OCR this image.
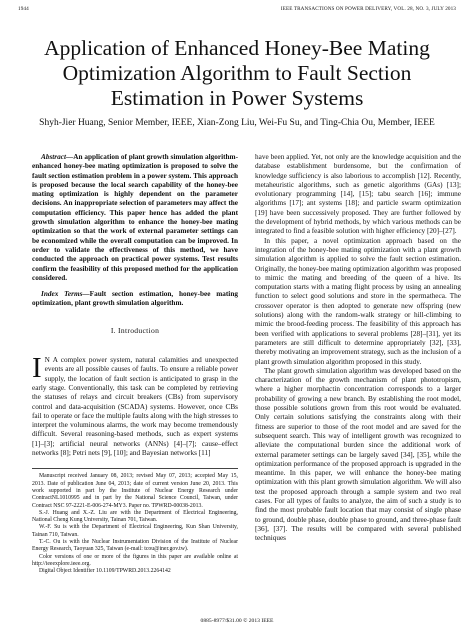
1944	IEEE TRANSACTIONS ON POWER DELIVERY, VOL. 28, NO. 3, JULY 2013
Application of Enhanced Honey-Bee Mating Optimization Algorithm to Fault Section Estimation in Power Systems
Shyh-Jier Huang, Senior Member, IEEE, Xian-Zong Liu, Wei-Fu Su, and Ting-Chia Ou, Member, IEEE

Abstract—An application of plant growth simulation algorithm-enhanced honey-bee mating optimization is proposed to solve the fault section estimation problem in a power system. This approach is proposed because the local search capability of the honey-bee mating optimization is highly dependent on the parameter decisions. An inappropriate selection of parameters may affect the computation efficiency. This paper hence has added the plant growth simulation algorithm to enhance the honey-bee mating optimization so that the work of external parameter settings can be economized while the overall computation can be improved. In order to validate the effectiveness of this method, we have conducted the approach on practical power systems. Test results confirm the feasibility of this proposed method for the application considered.

Index Terms—Fault section estimation, honey-bee mating optimization, plant growth simulation algorithm.

I. Introduction

I N A complex power system, natural calamities and unexpected events are all possible causes of faults. To ensure a reliable power supply, the location of fault section is anticipated to grasp in the early stage. Conventionally, this task can be completed by retrieving the statuses of relays and circuit breakers (CBs) from supervisory control and data-acquisition (SCADA) systems. However, once CBs fail to operate or face the multiple faults along with the high stresses to interpret the voluminous alarms, the work may become tremendously difficult. Several reasoning-based methods, such as expert systems [1]–[3]; artificial neural networks (ANNs) [4]–[7]; cause–effect networks [8]; Petri nets [9], [10]; and Bayesian networks [11]

Manuscript received January 08, 2013; revised May 07, 2013; accepted May 15, 2013. Date of publication June 04, 2013; date of current version June 20, 2013. This work supported in part by the Institute of Nuclear Energy Research under ContractNL1010995 and in part by the National Science Council, Taiwan, under Contract NSC 97-2221-E-006-274-MY3. Paper no. TPWRD-00038-2013.

S.-J. Huang and X.-Z. Liu are with the Department of Electrical Engineering, National Cheng Kung University, Tainan 701, Taiwan.

W.-F. Su is with the Department of Electrical Engineering, Kun Shan University, Tainan 710, Taiwan.

T.-C. Ou is with the Nuclear Instrumentation Division of the Institute of Nuclear Energy Research, Taoyuan 325, Taiwan (e-mail: tcou@iner.gov.tw).

Color versions of one or more of the figures in this paper are available online at http://ieeexplore.ieee.org.

Digital Object Identifier 10.1109/TPWRD.2013.2264142

have been applied. Yet, not only are the knowledge acquisition and the database establishment burdensome, but the confirmation of knowledge sufficiency is also laborious to accomplish [12]. Recently, metaheuristic algorithms, such as genetic algorithms (GAs) [13]; evolutionary programming [14], [15]; tabu search [16]; immune algorithms [17]; ant systems [18]; and particle swarm optimization [19] have been successively proposed. They are further followed by the development of hybrid methods, by which various methods can be integrated to find a feasible solution with higher efficiency [20]–[27].

In this paper, a novel optimization approach based on the integration of the honey-bee mating optimization with a plant growth simulation algorithm is applied to solve the fault section estimation. Originally, the honey-bee mating optimization algorithm was proposed to mimic the mating and breeding of the queen of a hive. Its computation starts with a mating flight process by using an annealing function to select good solutions and store in the spermatheca. The crossover operator is then adopted to generate new offspring (new solutions) along with the random-walk strategy or hill-climbing to mimic the brood-feeding process. The feasibility of this approach has been verified with applications to several problems [28]–[31], yet its parameters are still difficult to determine appropriately [32], [33], thereby motivating an improvement strategy, such as the inclusion of a plant growth simulation algorithm proposed in this study.

The plant growth simulation algorithm was developed based on the characterization of the growth mechanism of plant phototropism, where a higher morphactin concentration corresponds to a larger probability of growing a new branch. By establishing the root model, those possible solutions grown from this root would be evaluated. Only certain solutions satisfying the constraints along with their fitness are superior to those of the root model and are saved for the subsequent search. This way of intelligent growth was recognized to alleviate the computational burden since the additional work of external parameter settings can be largely saved [34], [35], while the optimization performance of the proposed approach is upgraded in the meantime. In this paper, we will enhance the honey-bee mating optimization with this plant growth simulation algorithm. We will also test the proposed approach through a sample system and two real cases. For all types of faults to analyze, the aim of such a study is to find the most probable fault location that may consist of single phase to ground, double phase, double phase to ground, and three-phase fault [36], [37]. The results will be compared with several published techniques

0885-8977/$31.00 © 2013 IEEE
